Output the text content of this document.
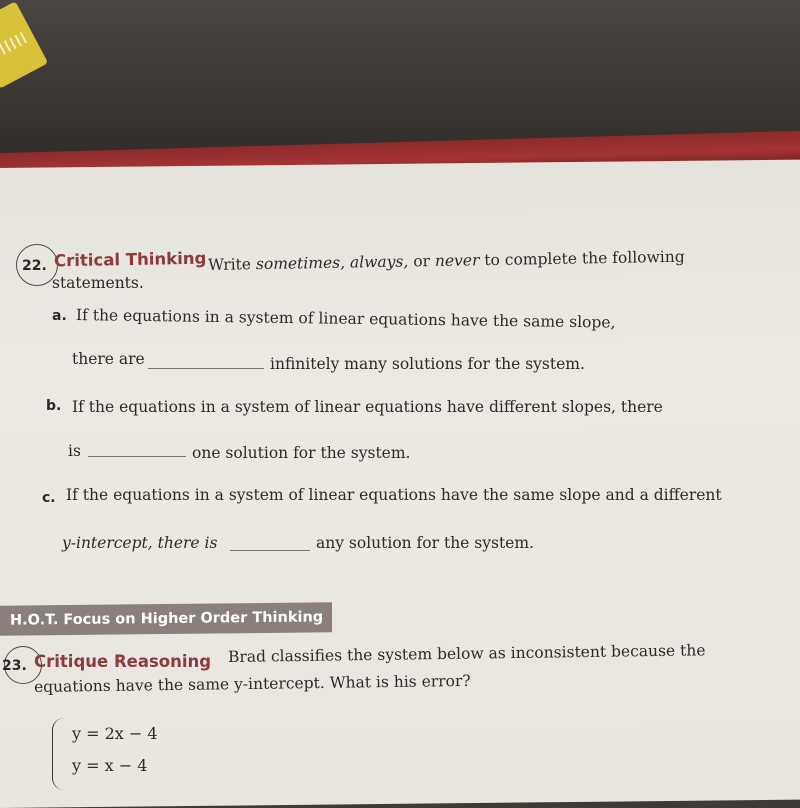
22. Critical Thinking Write sometimes, always, or never to complete the following
statements.
a. If the equations in a system of linear equations have the same slope,
there are	infinitely many solutions for the system.
b. If the equations in a system of linear equations have different slopes, there
is	one solution for the system.
c. If the equations in a system of linear equations have the same slope and a different
y-intercept, there is	any solution for the system.
H.O.T. Focus on Higher Order Thinking
23. Critique Reasoning Brad classifies the system below as inconsistent because the
equations have the same y-intercept. What is his error?
y = 2x − 4
y = x − 4
